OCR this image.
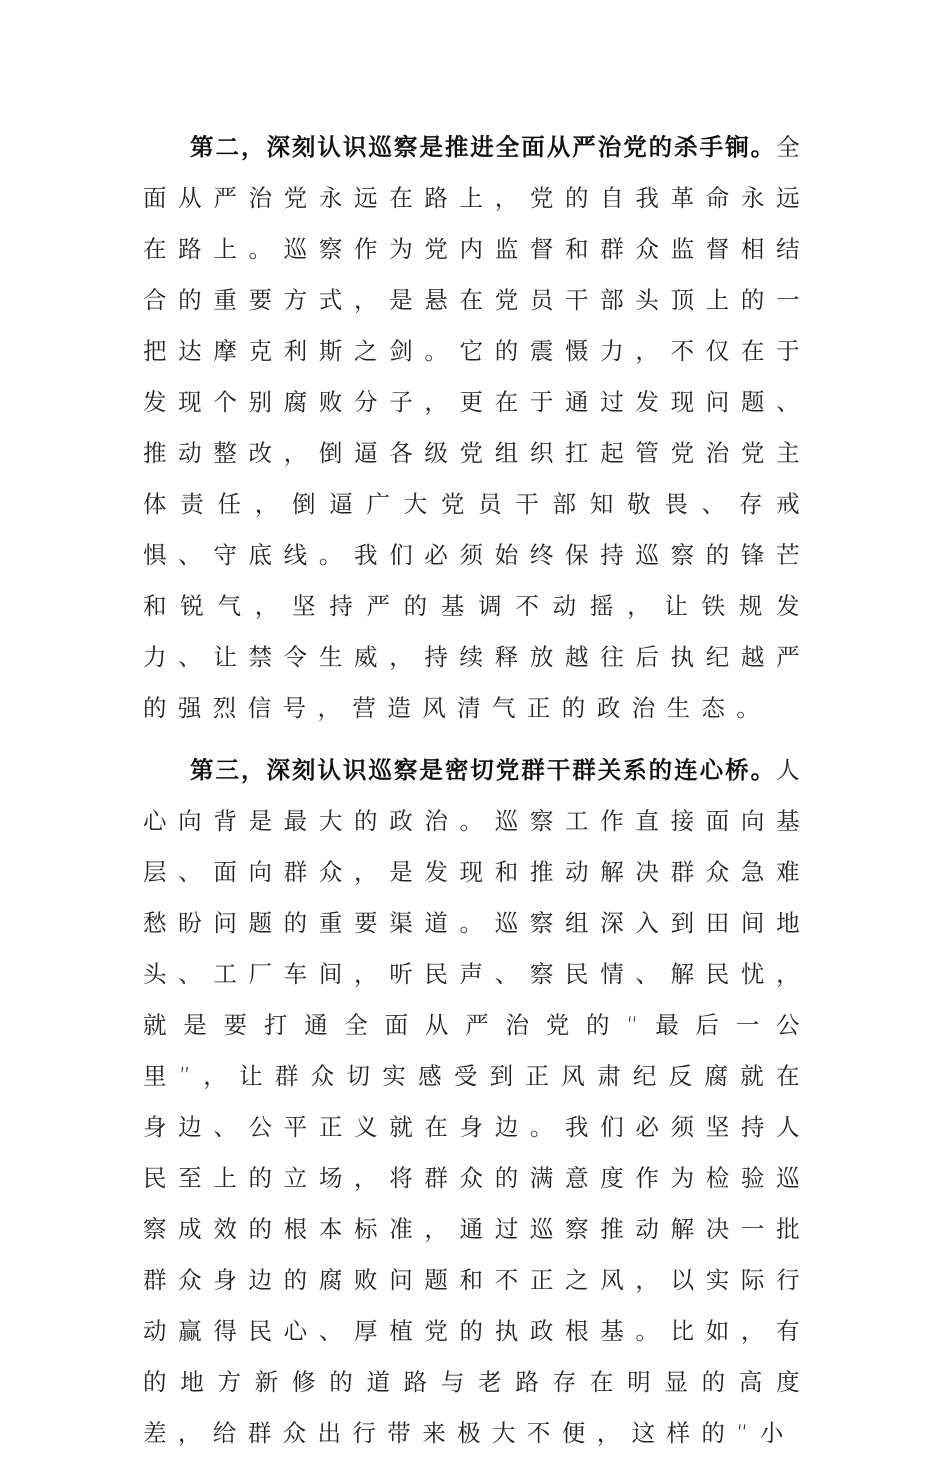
第二，深刻认识巡察是推进全面从严治党的杀手锏。全面从严治党永远在路上，党的自我革命永远在路上。巡察作为党内监督和群众监督相结合的重要方式，是悬在党员干部头顶上的一把达摩克利斯之剑。它的震慑力，不仅在于发现个别腐败分子，更在于通过发现问题、推动整改，倒逼各级党组织扛起管党治党主体责任，倒逼广大党员干部知敬畏、存戒惧、守底线。我们必须始终保持巡察的锋芒和锐气，坚持严的基调不动摇，让铁规发力、让禁令生威，持续释放越往后执纪越严的强烈信号，营造风清气正的政治生态。

第三，深刻认识巡察是密切党群干群关系的连心桥。人心向背是最大的政治。巡察工作直接面向基层、面向群众，是发现和推动解决群众急难愁盼问题的重要渠道。巡察组深入到田间地头、工厂车间，听民声、察民情、解民忧，就是要打通全面从严治党的“最后一公里”，让群众切实感受到正风肃纪反腐就在身边、公平正义就在身边。我们必须坚持人民至上的立场，将群众的满意度作为检验巡察成效的根本标准，通过巡察推动解决一批群众身边的腐败问题和不正之风，以实际行动赢得民心、厚植党的执政根基。比如，有的地方新修的道路与老路存在明显的高度差，给群众出行带来极大不便，这样的“小
